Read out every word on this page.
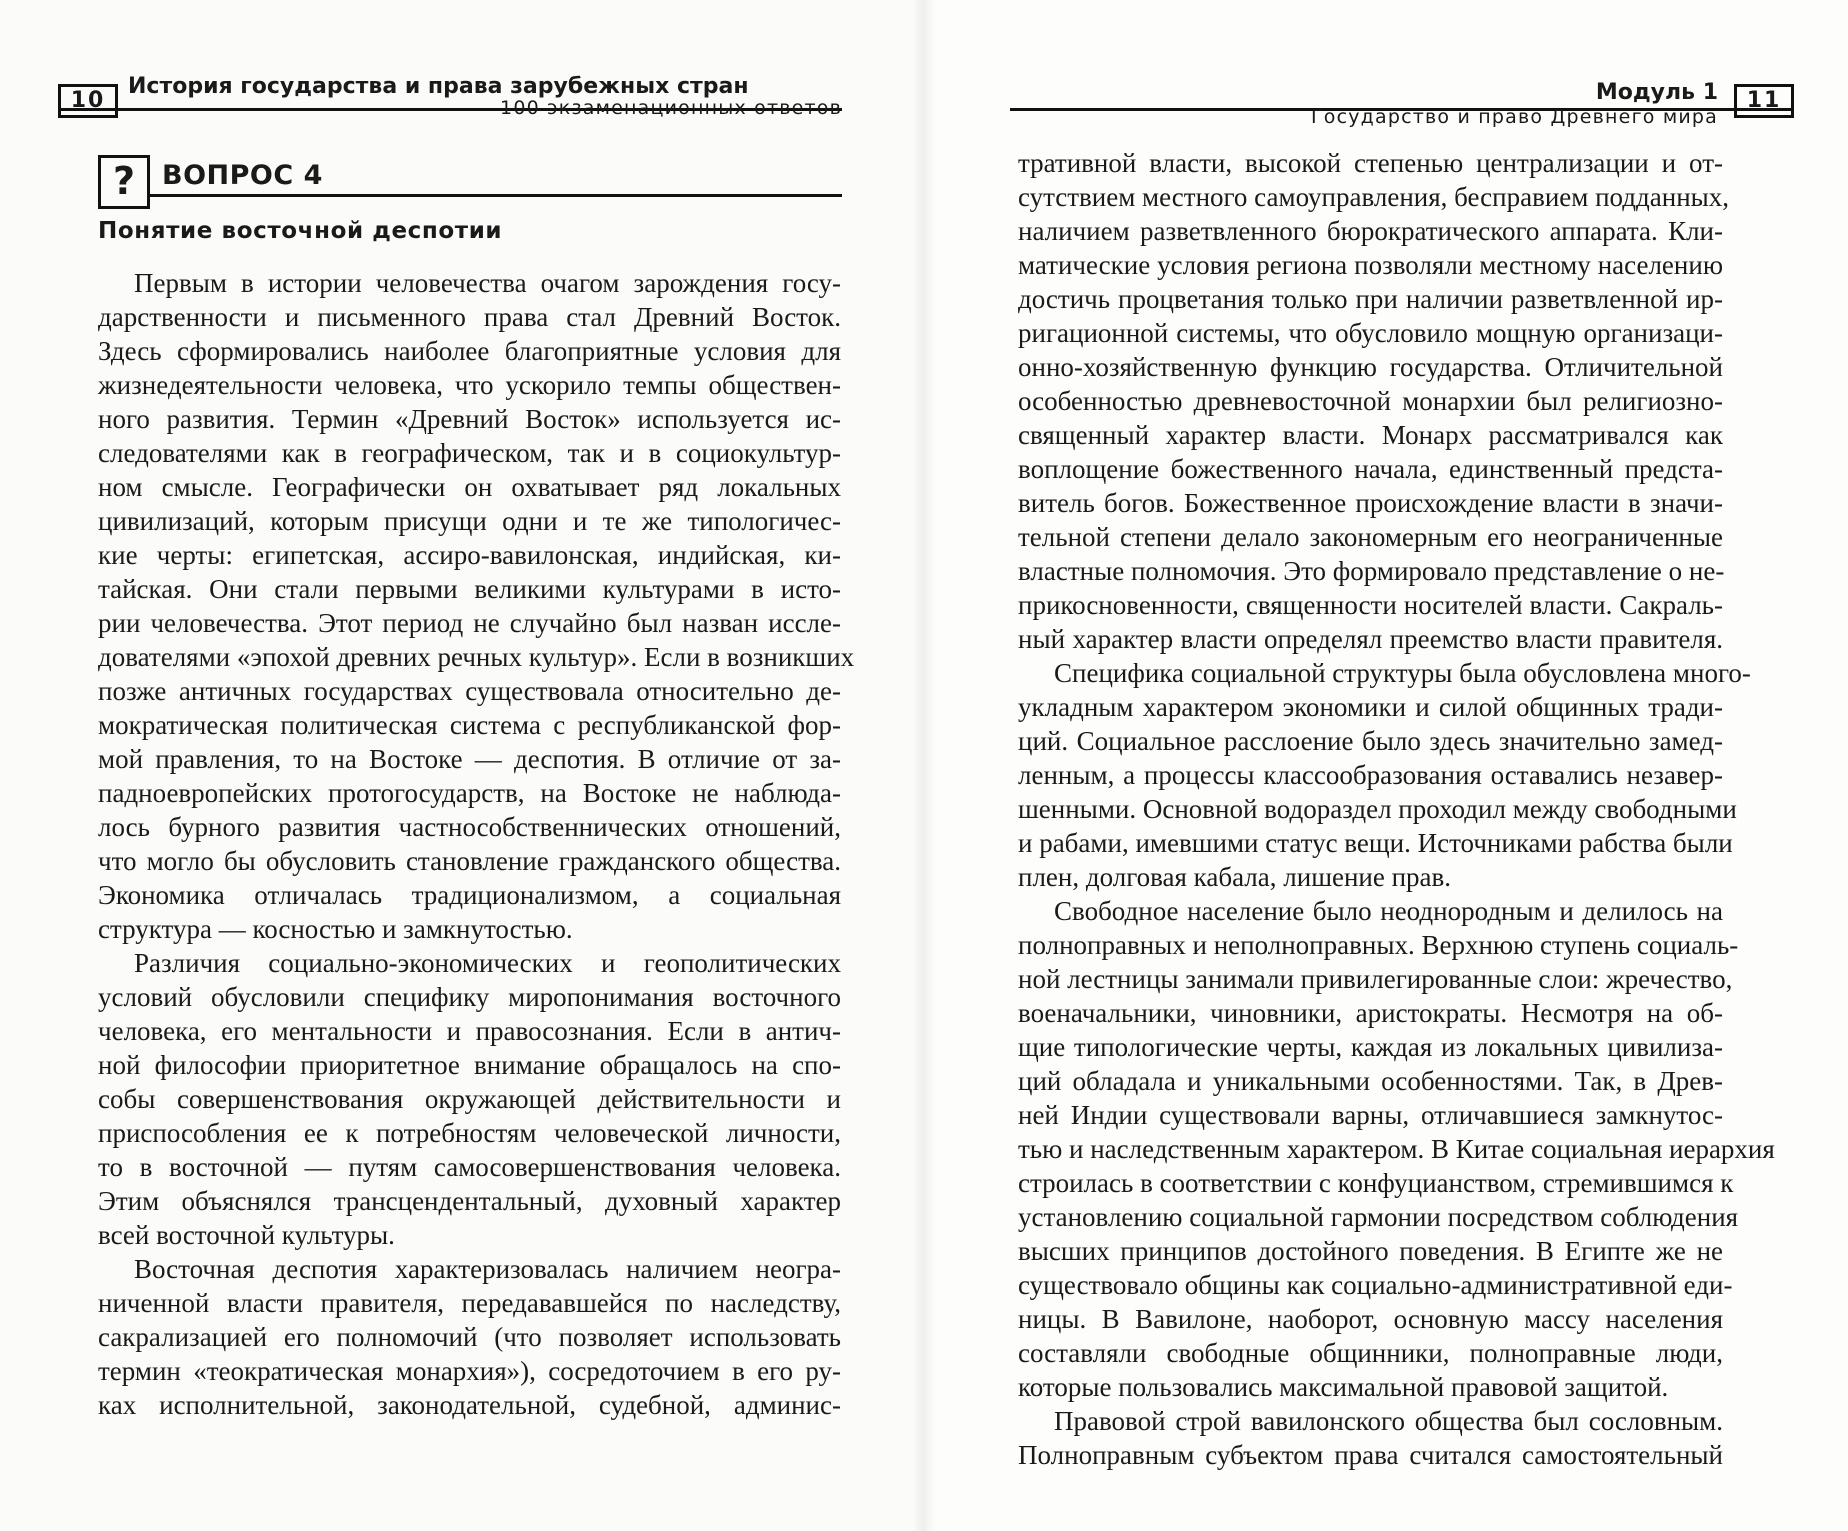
10
История государства и права зарубежных стран
100 экзаменационных ответов
? ВОПРОС 4
Понятие восточной деспотии
Первым в истории человечества очагом зарождения госу-
дарственности и письменного права стал Древний Восток.
Здесь сформировались наиболее благоприятные условия для
жизнедеятельности человека, что ускорило темпы обществен-
ного развития. Термин «Древний Восток» используется ис-
следователями как в географическом, так и в социокультур-
ном смысле. Географически он охватывает ряд локальных
цивилизаций, которым присущи одни и те же типологичес-
кие черты: египетская, ассиро-вавилонская, индийская, ки-
тайская. Они стали первыми великими культурами в исто-
рии человечества. Этот период не случайно был назван иссле-
дователями «эпохой древних речных культур». Если в возникших
позже античных государствах существовала относительно де-
мократическая политическая система с республиканской фор-
мой правления, то на Востоке — деспотия. В отличие от за-
падноевропейских протогосударств, на Востоке не наблюда-
лось бурного развития частнособственнических отношений,
что могло бы обусловить становление гражданского общества.
Экономика отличалась традиционализмом, а социальная
структура — косностью и замкнутостью.
Различия социально-экономических и геополитических
условий обусловили специфику миропонимания восточного
человека, его ментальности и правосознания. Если в антич-
ной философии приоритетное внимание обращалось на спо-
собы совершенствования окружающей действительности и
приспособления ее к потребностям человеческой личности,
то в восточной — путям самосовершенствования человека.
Этим объяснялся трансцендентальный, духовный характер
всей восточной культуры.
Восточная деспотия характеризовалась наличием неогра-
ниченной власти правителя, передававшейся по наследству,
сакрализацией его полномочий (что позволяет использовать
термин «теократическая монархия»), сосредоточием в его ру-
ках исполнительной, законодательной, судебной, админис-
11
Модуль 1
Государство и право Древнего мира
тративной власти, высокой степенью централизации и от-
сутствием местного самоуправления, бесправием подданных,
наличием разветвленного бюрократического аппарата. Кли-
матические условия региона позволяли местному населению
достичь процветания только при наличии разветвленной ир-
ригационной системы, что обусловило мощную организаци-
онно-хозяйственную функцию государства. Отличительной
особенностью древневосточной монархии был религиозно-
священный характер власти. Монарх рассматривался как
воплощение божественного начала, единственный предста-
витель богов. Божественное происхождение власти в значи-
тельной степени делало закономерным его неограниченные
властные полномочия. Это формировало представление о не-
прикосновенности, священности носителей власти. Сакраль-
ный характер власти определял преемство власти правителя.
Специфика социальной структуры была обусловлена много-
укладным характером экономики и силой общинных тради-
ций. Социальное расслоение было здесь значительно замед-
ленным, а процессы классообразования оставались незавер-
шенными. Основной водораздел проходил между свободными
и рабами, имевшими статус вещи. Источниками рабства были
плен, долговая кабала, лишение прав.
Свободное население было неоднородным и делилось на
полноправных и неполноправных. Верхнюю ступень социаль-
ной лестницы занимали привилегированные слои: жречество,
военачальники, чиновники, аристократы. Несмотря на об-
щие типологические черты, каждая из локальных цивилиза-
ций обладала и уникальными особенностями. Так, в Древ-
ней Индии существовали варны, отличавшиеся замкнутос-
тью и наследственным характером. В Китае социальная иерархия
строилась в соответствии с конфуцианством, стремившимся к
установлению социальной гармонии посредством соблюдения
высших принципов достойного поведения. В Египте же не
существовало общины как социально-административной еди-
ницы. В Вавилоне, наоборот, основную массу населения
составляли свободные общинники, полноправные люди,
которые пользовались максимальной правовой защитой.
Правовой строй вавилонского общества был сословным.
Полноправным субъектом права считался самостоятельный
